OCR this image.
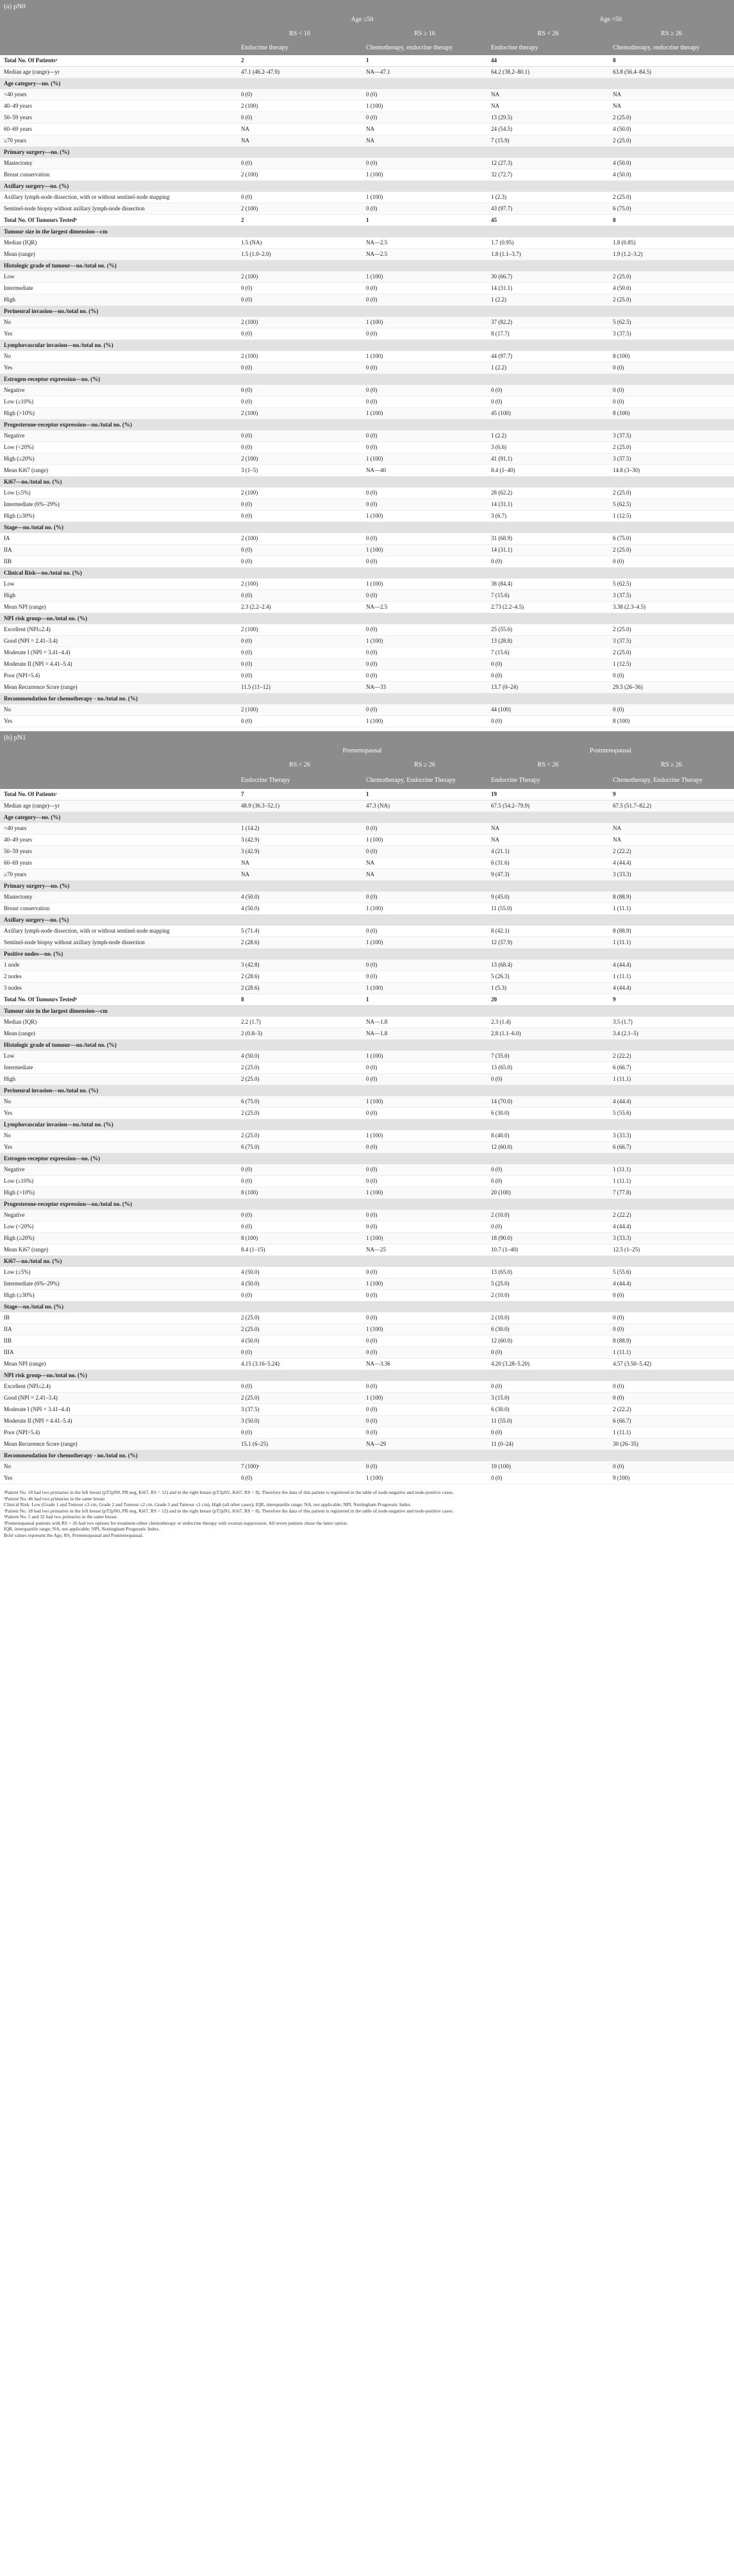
(a) pN0				
	Age ≤50		Age >50	
	RS < 16	RS ≥ 16	RS < 26	RS ≥ 26
	Endocrine therapy	Chemotherapy, endocrine therapy	Endocrine therapy	Chemotherapy, endocrine therapy
Total No. Of Patientsᵃ	2	1	44	8
Median age (range)—yr	47.1 (46.2–47.9)	NA—47.1	64.2 (38.2–80.1)	63.8 (56.4–84.5)
Age category—no. (%)				
<40 years	0 (0)	0 (0)	NA	NA
40–49 years	2 (100)	1 (100)	NA	NA
50–59 years	0 (0)	0 (0)	13 (29.5)	2 (25.0)
60–69 years	NA	NA	24 (54.5)	4 (50.0)
≥70 years	NA	NA	7 (15.9)	2 (25.0)
Primary surgery—no. (%)				
Mastectomy	0 (0)	0 (0)	12 (27.3)	4 (50.0)
Breast conservation	2 (100)	1 (100)	32 (72.7)	4 (50.0)
Axillary surgery—no. (%)				
Axillary lymph-node dissection, with or without sentinel-node mapping	0 (0)	1 (100)	1 (2.3)	2 (25.0)
Sentinel-node biopsy without axillary lymph-node dissection	2 (100)	0 (0)	43 (97.7)	6 (75.0)
Total No. Of Tumours Testedᵇ	2	1	45	8
Tumour size in the largest dimension—cm				
Median (IQR)	1.5 (NA)	NA—2.5	1.7 (0.95)	1.8 (0.85)
Mean (range)	1.5 (1.0–2.0)	NA—2.5	1.8 (1.1–3.7)	1.9 (1.2–3.2)
Histologic grade of tumour—no./total no. (%)				
Low	2 (100)	1 (100)	30 (66.7)	2 (25.0)
Intermediate	0 (0)	0 (0)	14 (31.1)	4 (50.0)
High	0 (0)	0 (0)	1 (2.2)	2 (25.0)
Perineural invasion—no./total no. (%)				
No	2 (100)	1 (100)	37 (82.2)	5 (62.5)
Yes	0 (0)	0 (0)	8 (17.7)	3 (37.5)
Lymphovascular invasion—no./total no. (%)				
No	2 (100)	1 (100)	44 (97.7)	8 (100)
Yes	0 (0)	0 (0)	1 (2.2)	0 (0)
Estrogen-receptor expression—no. (%)				
Negative	0 (0)	0 (0)	0 (0)	0 (0)
Low (≤10%)	0 (0)	0 (0)	0 (0)	0 (0)
High (>10%)	2 (100)	1 (100)	45 (100)	8 (100)
Progesterone-receptor expression—no./total no. (%)				
Negative	0 (0)	0 (0)	1 (2.2)	3 (37.5)
Low (<20%)	0 (0)	0 (0)	3 (6.6)	2 (25.0)
High (≥20%)	2 (100)	1 (100)	41 (91.1)	3 (37.5)
Mean Ki67 (range)	3 (1–5)	NA—40	8.4 (1–40)	14.8 (3–30)
Ki67—no./total no. (%)				
Low (≤5%)	2 (100)	0 (0)	28 (62.2)	2 (25.0)
Intermediate (6%–29%)	0 (0)	0 (0)	14 (31.1)	5 (62.5)
High (≥30%)	0 (0)	1 (100)	3 (6.7)	1 (12.5)
Stage—no./total no. (%)				
IA	2 (100)	0 (0)	31 (68.9)	6 (75.0)
IIA	0 (0)	1 (100)	14 (31.1)	2 (25.0)
IIB	0 (0)	0 (0)	0 (0)	0 (0)
Clinical Risk—no./total no. (%)				
Low	2 (100)	1 (100)	38 (84.4)	5 (62.5)
High	0 (0)	0 (0)	7 (15.6)	3 (37.5)
Mean NPI (range)	2.3 (2.2–2.4)	NA—2.5	2.73 (2.2–4.5)	3.38 (2.3–4.5)
NPI risk group—no./total no. (%)				
Excellent (NPI≤2.4)	2 (100)	0 (0)	25 (55.6)	2 (25.0)
Good (NPI = 2.41–3.4)	0 (0)	1 (100)	13 (28.8)	3 (37.5)
Moderate I (NPI = 3.41–4.4)	0 (0)	0 (0)	7 (15.6)	2 (25.0)
Moderate II (NPI = 4.41–5.4)	0 (0)	0 (0)	0 (0)	1 (12.5)
Poor (NPI>5.4)	0 (0)	0 (0)	0 (0)	0 (0)
Mean Recurrence Score (range)	11.5 (11–12)	NA—33	13.7 (0–24)	29.5 (26–36)
Recommendation for chemotherapy - no./total no. (%)				
No	2 (100)	0 (0)	44 (100)	0 (0)
Yes	0 (0)	1 (100)	0 (0)	8 (100)

(b) pN1				
	Premenopausal		Postmenopausal	
	RS < 26	RS ≥ 26	RS < 26	RS ≥ 26
	Endocrine Therapy	Chemotherapy, Endocrine Therapy	Endocrine Therapy	Chemotherapy, Endocrine Therapy
Total No. Of Patientsᶜ	7	1	19	9
Median age (range)—yr	48.9 (36.3–52.1)	47.3 (NA)	67.5 (54.2–79.9)	67.5 (51.7–82.2)
Age category—no. (%)				
<40 years	1 (14.2)	0 (0)	NA	NA
40–49 years	3 (42.9)	1 (100)	NA	NA
50–59 years	3 (42.9)	0 (0)	4 (21.1)	2 (22.2)
60–69 years	NA	NA	6 (31.6)	4 (44.4)
≥70 years	NA	NA	9 (47.3)	3 (33.3)
Primary surgery—no. (%)				
Mastectomy	4 (50.0)	0 (0)	9 (45.0)	8 (88.9)
Breast conservation	4 (50.0)	1 (100)	11 (55.0)	1 (11.1)
Axillary surgery—no. (%)				
Axillary lymph-node dissection, with or without sentinel-node mapping	5 (71.4)	0 (0)	8 (42.1)	8 (88.9)
Sentinel-node biopsy without axillary lymph-node dissection	2 (28.6)	1 (100)	12 (57.9)	1 (11.1)
Positive nodes—no. (%)				
1 node	3 (42.8)	0 (0)	13 (68.4)	4 (44.4)
2 nodes	2 (28.6)	0 (0)	5 (26.3)	1 (11.1)
3 nodes	2 (28.6)	1 (100)	1 (5.3)	4 (44.4)
Total No. Of Tumours Testedᵈ	8	1	20	9
Tumour size in the largest dimension—cm				
Median (IQR)	2.2 (1.7)	NA—1.8	2.3 (1.4)	3.5 (1.7)
Mean (range)	2 (0.8–3)	NA—1.8	2.8 (1.1–6.0)	3.4 (2.1–5)
Histologic grade of tumour—no./total no. (%)				
Low	4 (50.0)	1 (100)	7 (35.0)	2 (22.2)
Intermediate	2 (25.0)	0 (0)	13 (65.0)	6 (66.7)
High	2 (25.0)	0 (0)	0 (0)	1 (11.1)
Perineural invasion—no./total no. (%)				
No	6 (75.0)	1 (100)	14 (70.0)	4 (44.4)
Yes	2 (25.0)	0 (0)	6 (30.0)	5 (55.6)
Lymphovascular invasion—no./total no. (%)				
No	2 (25.0)	1 (100)	8 (40.0)	3 (33.3)
Yes	6 (75.0)	0 (0)	12 (60.0)	6 (66.7)
Estrogen-receptor expression—no. (%)				
Negative	0 (0)	0 (0)	0 (0)	1 (11.1)
Low (≤10%)	0 (0)	0 (0)	0 (0)	1 (11.1)
High (>10%)	8 (100)	1 (100)	20 (100)	7 (77.8)
Progesterone-receptor expression—no./total no. (%)				
Negative	0 (0)	0 (0)	2 (10.0)	2 (22.2)
Low (<20%)	0 (0)	0 (0)	0 (0)	4 (44.4)
High (≥20%)	8 (100)	1 (100)	18 (90.0)	3 (33.3)
Mean Ki67 (range)	8.4 (1–15)	NA—25	10.7 (1–40)	12.5 (1–25)
Ki67—no./total no. (%)				
Low (≤5%)	4 (50.0)	0 (0)	13 (65.0)	5 (55.6)
Intermediate (6%–29%)	4 (50.0)	1 (100)	5 (25.0)	4 (44.4)
High (≥30%)	0 (0)	0 (0)	2 (10.0)	0 (0)
Stage—no./total no. (%)				
IB	2 (25.0)	0 (0)	2 (10.0)	0 (0)
IIA	2 (25.0)	1 (100)	6 (30.0)	0 (0)
IIB	4 (50.0)	0 (0)	12 (60.0)	8 (88.9)
IIIA	0 (0)	0 (0)	0 (0)	1 (11.1)
Mean NPI (range)	4.15 (3.16–5.24)	NA—3.36	4.20 (3.28–5.20)	4.57 (3.50–5.42)
NPI risk group—no./total no. (%)				
Excellent (NPI≤2.4)	0 (0)	0 (0)	0 (0)	0 (0)
Good (NPI = 2.41–3.4)	2 (25.0)	1 (100)	3 (15.0)	0 (0)
Moderate I (NPI = 3.41–4.4)	3 (37.5)	0 (0)	6 (30.0)	2 (22.2)
Moderate II (NPI = 4.41–5.4)	3 (50.0)	0 (0)	11 (55.0)	6 (66.7)
Poor (NPI>5.4)	0 (0)	0 (0)	0 (0)	1 (11.1)
Mean Recurrence Score (range)	15.1 (6–25)	NA—29	11 (0–24)	30 (26–35)
Recommendation for chemotherapy - no./total no. (%)				
No	7 (100)ᵉ	0 (0)	19 (100)	0 (0)
Yes	0 (0)	1 (100)	0 (0)	9 (100)
ᵃPatient No. 18 had two primaries in the left breast (pT2pN0, PR neg, Ki67, RS = 12) and in the right breast (pT2pN1, Ki67, RS = 8). Therefore the data of this patient is registered in the table of node-negative and node-positive cases.
ᵇPatient No. 46 had two primaries in the same breast
Clinical Risk: Low (Grade 1 and Tumour ≤3 cm, Grade 2 and Tumour ≤2 cm, Grade 3 and Tumour ≤1 cm), High (all other cases); IQR, interquartile range; NA, not applicable; NPI, Nottingham Prognostic Index.
ᶜPatient No. 18 had two primaries in the left breast (pT2pN0, PR neg, Ki67, RS = 12) and in the right breast (pT2pN1, Ki67, RS = 8). Therefore the data of this patient is registered in the table of node-negative and node-positive cases.
ᵈPatient No. 5 and 32 had two primaries in the same breast.
ᵉPremenopausal patients with RS < 26 had two options for treatment either chemotherapy or endocrine therapy with ovarian suppression. All seven patients chose the latter option.
IQR, interquartile range; NA, not applicable; NPI, Nottingham Prognostic Index.
Bold values represent the Age, RS, Premenopausal and Postmenopausal.
